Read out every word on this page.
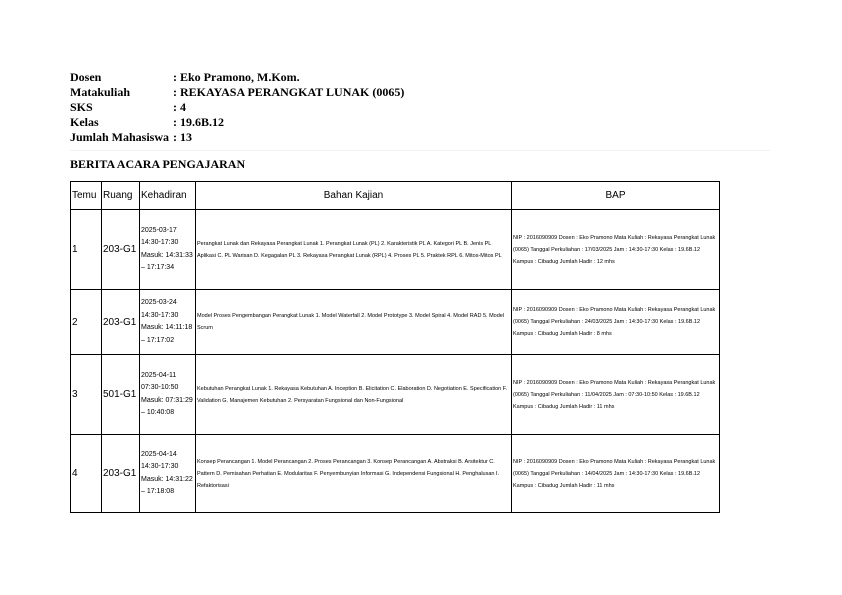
Dosen	: Eko Pramono, M.Kom.
Matakuliah	: REKAYASA PERANGKAT LUNAK (0065)
SKS	: 4
Kelas	: 19.6B.12
Jumlah Mahasiswa : 13
BERITA ACARA PENGAJARAN
Temu	Ruang	Kehadiran	Bahan Kajian	BAP
1	203-G1	2025-03-17 14:30-17:30 Masuk: 14:31:33 – 17:17:34	Perangkat Lunak dan Rekayasa Perangkat Lunak 1. Perangkat Lunak (PL) 2. Karakteristik PL A. Kategori PL B. Jenis PL Aplikasi C. PL Warisan D. Kegagalan PL 3. Rekayasa Perangkat Lunak (RPL) 4. Proses PL 5. Praktek RPL 6. Mitos-Mitos PL	NIP : 2016090909 Dosen : Eko Pramono Mata Kuliah : Rekayasa Perangkat Lunak (0065) Tanggal Perkuliahan : 17/03/2025 Jam : 14:30-17:30 Kelas : 19.6B.12 Kampus : Cibadug Jumlah Hadir : 12 mhs
2	203-G1	2025-03-24 14:30-17:30 Masuk: 14:11:18 – 17:17:02	Model Proses Pengembangan Perangkat Lunak 1. Model Waterfall 2. Model Prototype 3. Model Spiral 4. Model RAD 5. Model Scrum	NIP : 2016090909 Dosen : Eko Pramono Mata Kuliah : Rekayasa Perangkat Lunak (0065) Tanggal Perkuliahan : 24/03/2025 Jam : 14:30-17:30 Kelas : 19.6B.12 Kampus : Cibadug Jumlah Hadir : 8 mhs
3	501-G1	2025-04-11 07:30-10:50 Masuk: 07:31:29 – 10:40:08	Kebutuhan Perangkat Lunak 1. Rekayasa Kebutuhan A. Inception B. Elicitation C. Elaboration D. Negotiation E. Specification F. Validation G. Manajemen Kebutuhan 2. Persyaratan Fungsional dan Non-Fungsional	NIP : 2016090909 Dosen : Eko Pramono Mata Kuliah : Rekayasa Perangkat Lunak (0065) Tanggal Perkuliahan : 11/04/2025 Jam : 07:30-10:50 Kelas : 19.6B.12 Kampus : Cibadug Jumlah Hadir : 11 mhs
4	203-G1	2025-04-14 14:30-17:30 Masuk: 14:31:22 – 17:18:08	Konsep Perancangan 1. Model Perancangan 2. Proses Perancangan 3. Konsep Perancangan A. Abstraksi B. Arsitektur C. Pattern D. Pemisahan Perhatian E. Modularitas F. Penyembunyian Informasi G. Independensi Fungsional H. Penghalusan I. Refaktorisasi	NIP : 2016090909 Dosen : Eko Pramono Mata Kuliah : Rekayasa Perangkat Lunak (0065) Tanggal Perkuliahan : 14/04/2025 Jam : 14:30-17:30 Kelas : 19.6B.12 Kampus : Cibadug Jumlah Hadir : 11 mhs
